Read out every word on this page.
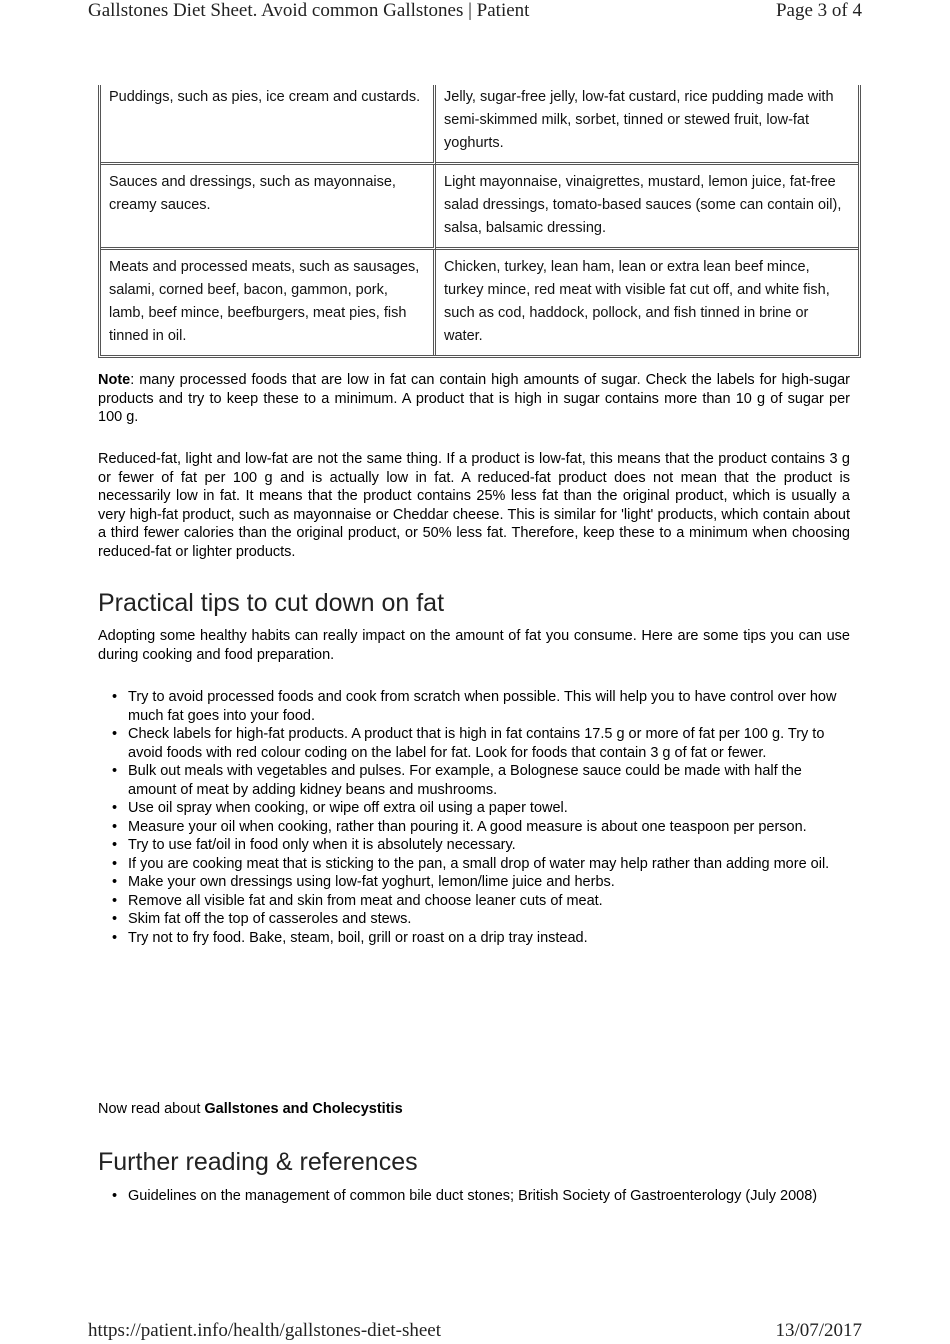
Gallstones Diet Sheet. Avoid common Gallstones | Patient	Page 3 of 4
Puddings, such as pies, ice cream and custards.	Jelly, sugar-free jelly, low-fat custard, rice pudding made with semi-skimmed milk, sorbet, tinned or stewed fruit, low-fat yoghurts.
Sauces and dressings, such as mayonnaise, creamy sauces.	Light mayonnaise, vinaigrettes, mustard, lemon juice, fat-free salad dressings, tomato-based sauces (some can contain oil), salsa, balsamic dressing.
Meats and processed meats, such as sausages, salami, corned beef, bacon, gammon, pork, lamb, beef mince, beefburgers, meat pies, fish tinned in oil.	Chicken, turkey, lean ham, lean or extra lean beef mince, turkey mince, red meat with visible fat cut off, and white fish, such as cod, haddock, pollock, and fish tinned in brine or water.

Note: many processed foods that are low in fat can contain high amounts of sugar. Check the labels for high-sugar products and try to keep these to a minimum. A product that is high in sugar contains more than 10 g of sugar per 100 g.

Reduced-fat, light and low-fat are not the same thing. If a product is low-fat, this means that the product contains 3 g or fewer of fat per 100 g and is actually low in fat. A reduced-fat product does not mean that the product is necessarily low in fat. It means that the product contains 25% less fat than the original product, which is usually a very high-fat product, such as mayonnaise or Cheddar cheese. This is similar for 'light' products, which contain about a third fewer calories than the original product, or 50% less fat. Therefore, keep these to a minimum when choosing reduced-fat or lighter products.

Practical tips to cut down on fat

Adopting some healthy habits can really impact on the amount of fat you consume. Here are some tips you can use during cooking and food preparation.

• Try to avoid processed foods and cook from scratch when possible. This will help you to have control over how much fat goes into your food.
• Check labels for high-fat products. A product that is high in fat contains 17.5 g or more of fat per 100 g. Try to avoid foods with red colour coding on the label for fat. Look for foods that contain 3 g of fat or fewer.
• Bulk out meals with vegetables and pulses. For example, a Bolognese sauce could be made with half the amount of meat by adding kidney beans and mushrooms.
• Use oil spray when cooking, or wipe off extra oil using a paper towel.
• Measure your oil when cooking, rather than pouring it. A good measure is about one teaspoon per person.
• Try to use fat/oil in food only when it is absolutely necessary.
• If you are cooking meat that is sticking to the pan, a small drop of water may help rather than adding more oil.
• Make your own dressings using low-fat yoghurt, lemon/lime juice and herbs.
• Remove all visible fat and skin from meat and choose leaner cuts of meat.
• Skim fat off the top of casseroles and stews.
• Try not to fry food. Bake, steam, boil, grill or roast on a drip tray instead.

Now read about Gallstones and Cholecystitis

Further reading & references
• Guidelines on the management of common bile duct stones; British Society of Gastroenterology (July 2008)
https://patient.info/health/gallstones-diet-sheet	13/07/2017
